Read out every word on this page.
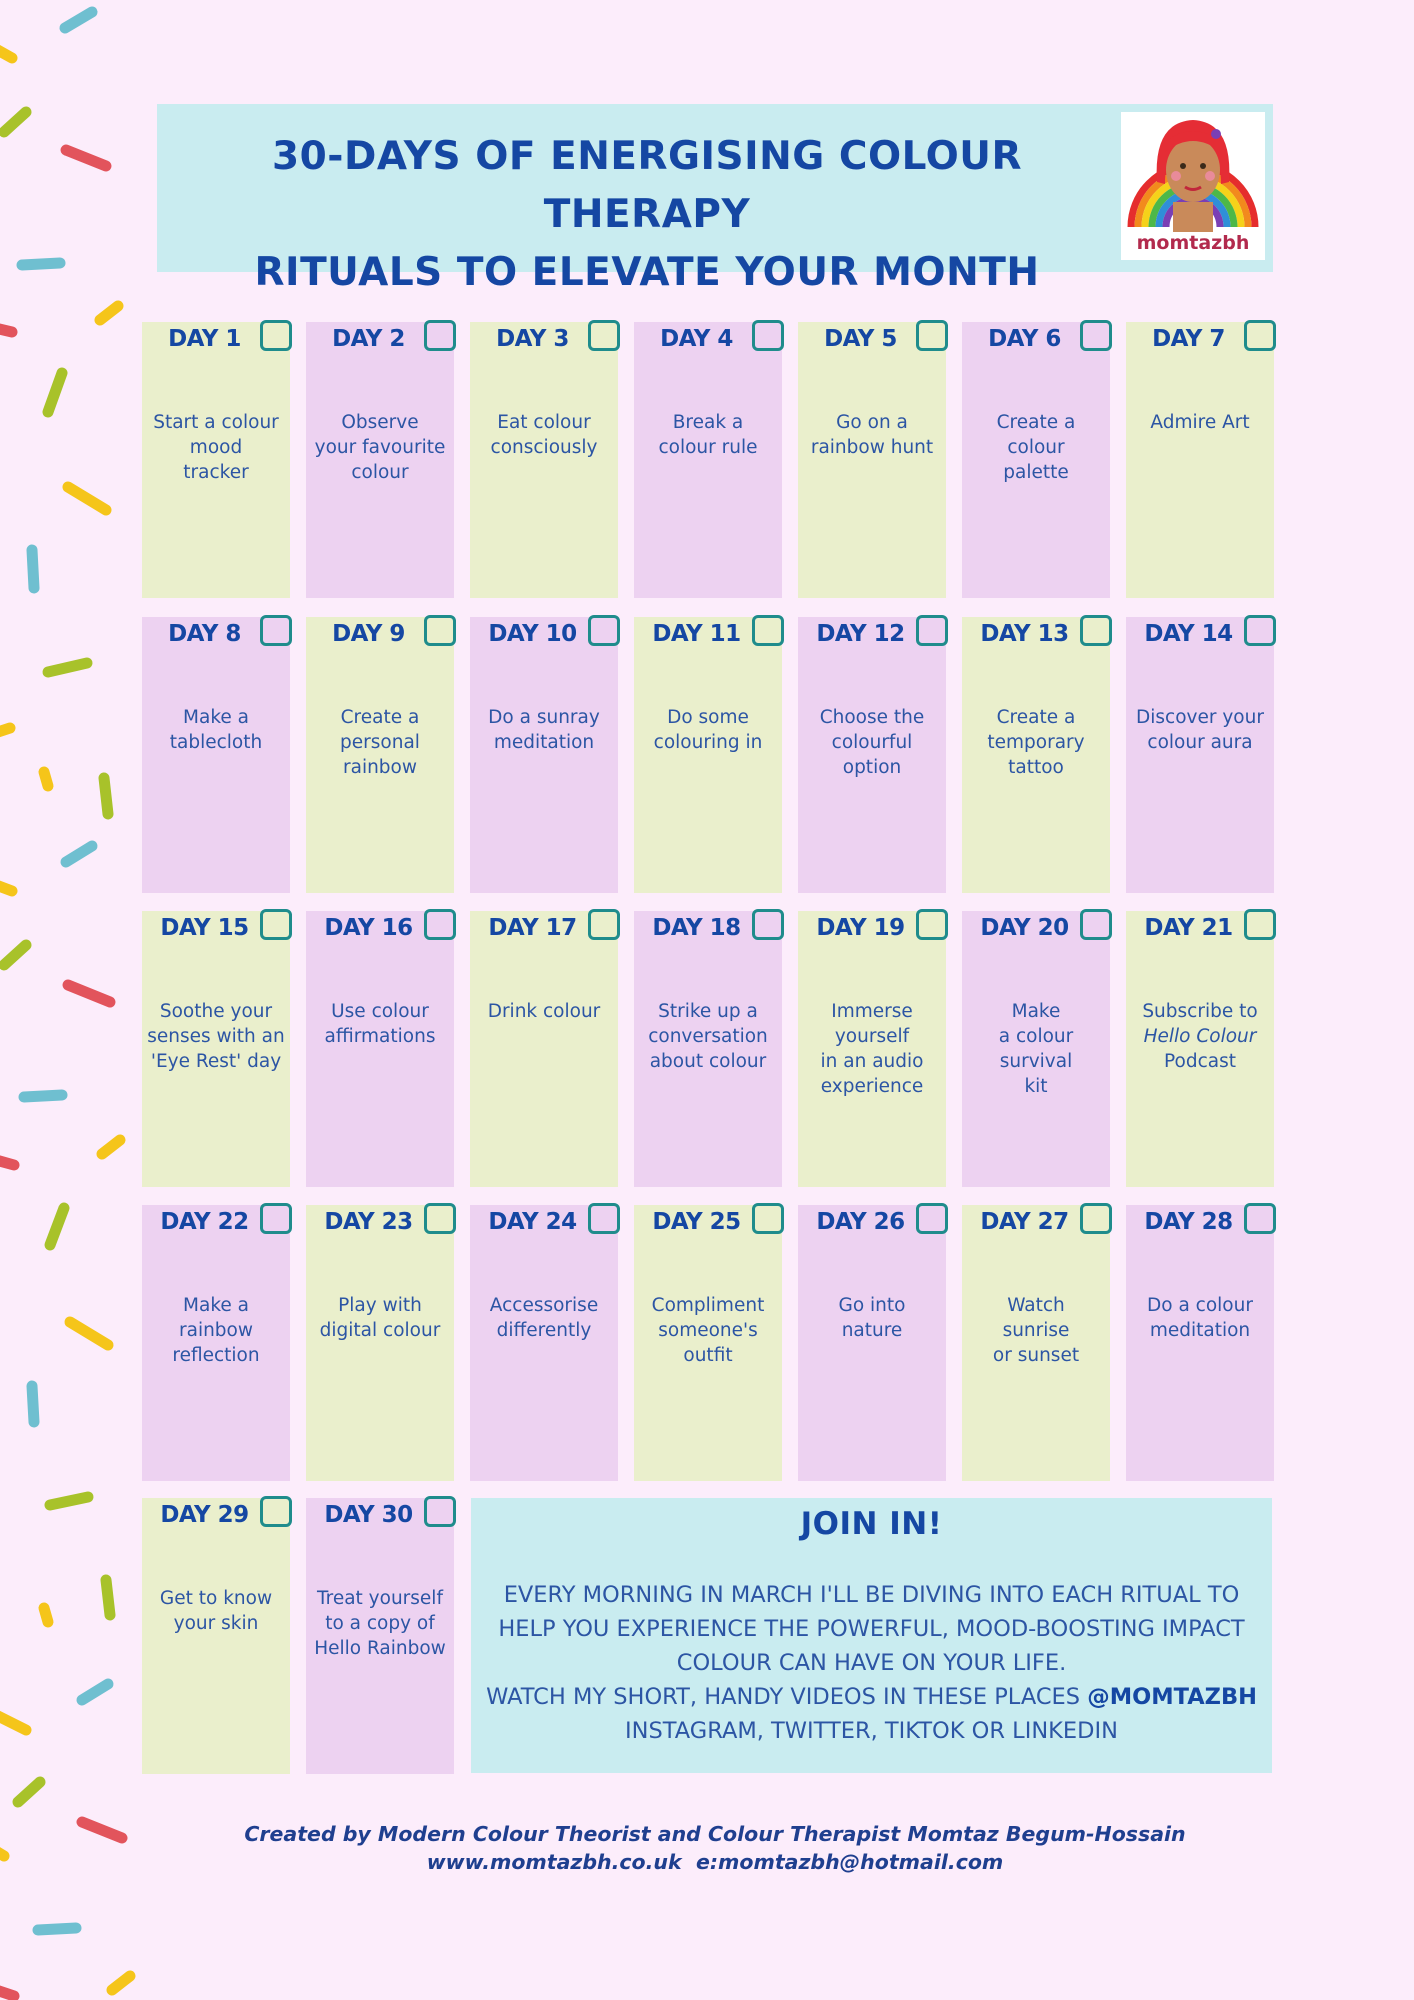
30-DAYS OF ENERGISING COLOUR THERAPY
RITUALS TO ELEVATE YOUR MONTH
momtazbh
DAY 1
Start a colour
mood
tracker
DAY 2
Observe
your favourite
colour
DAY 3
Eat colour
consciously
DAY 4
Break a
colour rule
DAY 5
Go on a
rainbow hunt
DAY 6
Create a
colour
palette
DAY 7
Admire Art
DAY 8
Make a
tablecloth
DAY 9
Create a
personal
rainbow
DAY 10
Do a sunray
meditation
DAY 11
Do some
colouring in
DAY 12
Choose the
colourful
option
DAY 13
Create a
temporary
tattoo
DAY 14
Discover your
colour aura
DAY 15
Soothe your
senses with an
'Eye Rest' day
DAY 16
Use colour
affirmations
DAY 17
Drink colour
DAY 18
Strike up a
conversation
about colour
DAY 19
Immerse
yourself
in an audio
experience
DAY 20
Make
a colour
survival
kit
DAY 21
Subscribe to
Hello Colour
Podcast
DAY 22
Make a
rainbow
reflection
DAY 23
Play with
digital colour
DAY 24
Accessorise
differently
DAY 25
Compliment
someone's
outfit
DAY 26
Go into
nature
DAY 27
Watch
sunrise
or sunset
DAY 28
Do a colour
meditation
DAY 29
Get to know
your skin
DAY 30
Treat yourself
to a copy of
Hello Rainbow
JOIN IN!
EVERY MORNING IN MARCH I'LL BE DIVING INTO EACH RITUAL TO
HELP YOU EXPERIENCE THE POWERFUL, MOOD-BOOSTING IMPACT
COLOUR CAN HAVE ON YOUR LIFE.
WATCH MY SHORT, HANDY VIDEOS IN THESE PLACES @MOMTAZBH
INSTAGRAM, TWITTER, TIKTOK OR LINKEDIN
Created by Modern Colour Theorist and Colour Therapist Momtaz Begum-Hossain
www.momtazbh.co.uk e:momtazbh@hotmail.com
